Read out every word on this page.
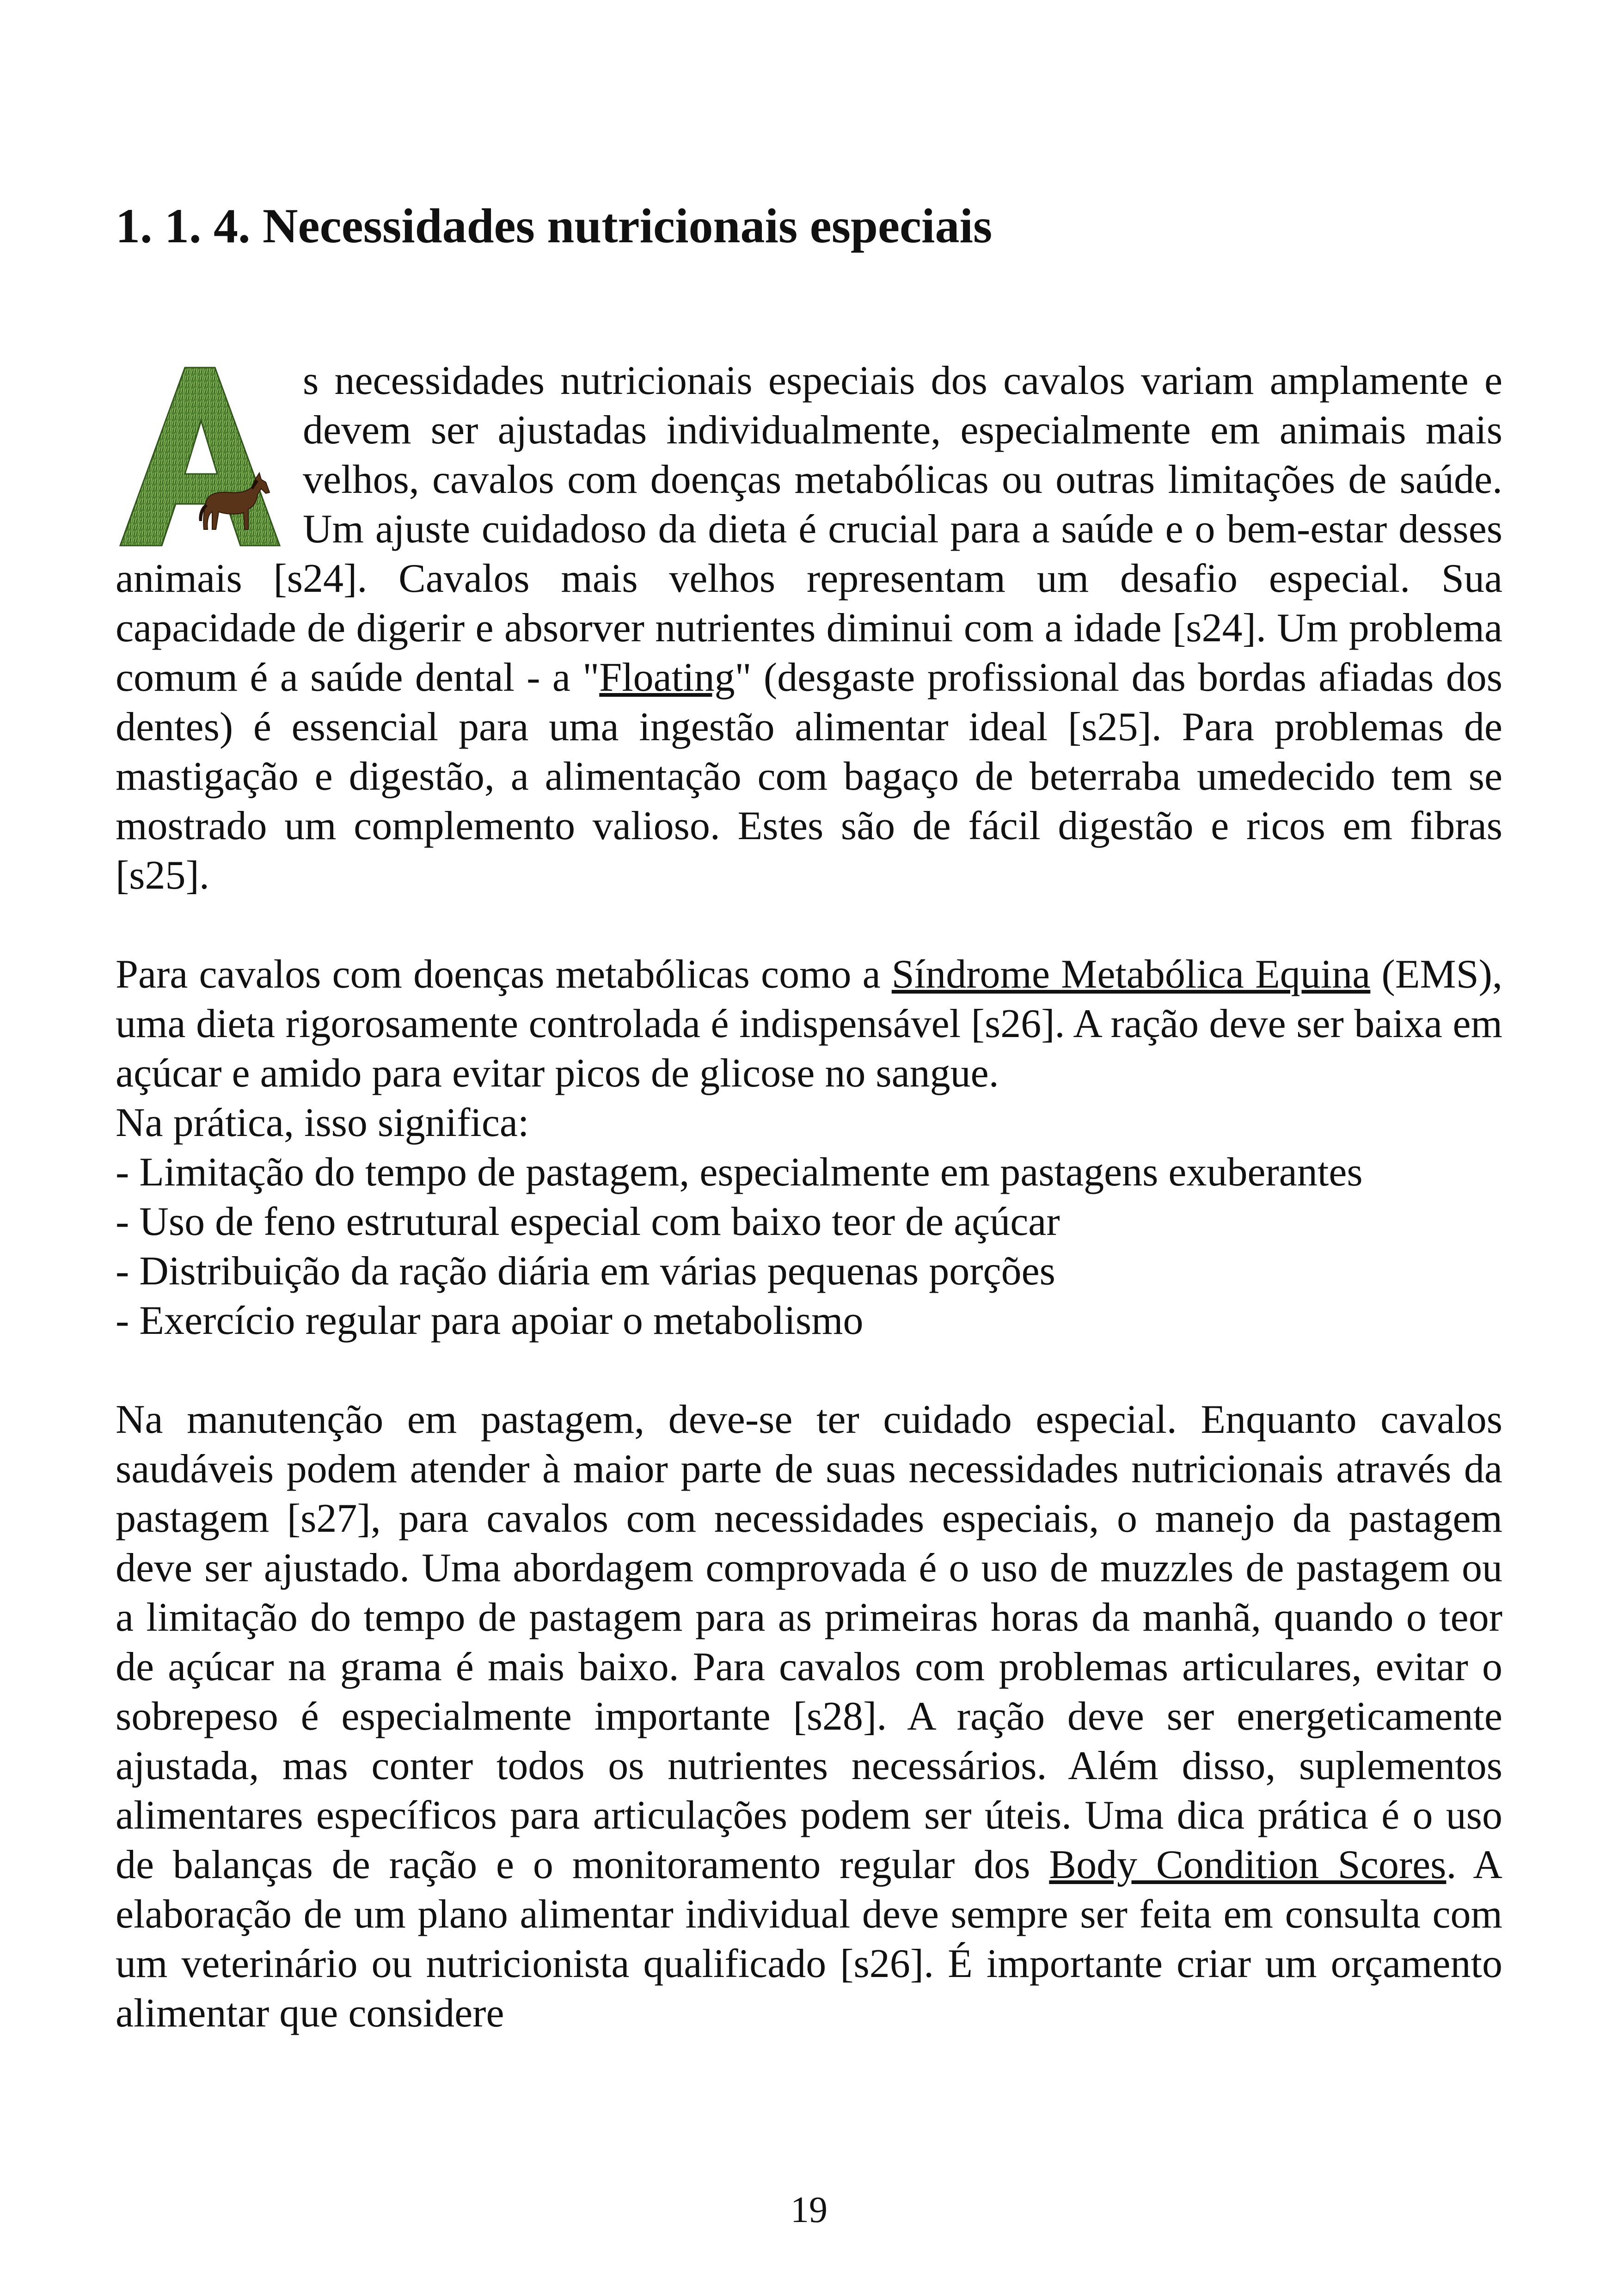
1. 1. 4. Necessidades nutricionais especiais

s necessidades nutricionais especiais dos cavalos variam amplamente e devem ser ajustadas individualmente, especialmente em animais mais velhos, cavalos com doenças metabólicas ou outras limitações de saúde. Um ajuste cuidadoso da dieta é crucial para a saúde e o bem-estar desses animais [s24]. Cavalos mais velhos representam um desafio especial. Sua capacidade de digerir e absorver nutrientes diminui com a idade [s24]. Um problema comum é a saúde dental - a "Floating" (desgaste profissional das bordas afiadas dos dentes) é essencial para uma ingestão alimentar ideal [s25]. Para problemas de mastigação e digestão, a alimentação com bagaço de beterraba umedecido tem se mostrado um complemento valioso. Estes são de fácil digestão e ricos em fibras [s25].

Para cavalos com doenças metabólicas como a Síndrome Metabólica Equina (EMS), uma dieta rigorosamente controlada é indispensável [s26]. A ração deve ser baixa em açúcar e amido para evitar picos de glicose no sangue.

Na prática, isso significa:
- Limitação do tempo de pastagem, especialmente em pastagens exuberantes
- Uso de feno estrutural especial com baixo teor de açúcar
- Distribuição da ração diária em várias pequenas porções
- Exercício regular para apoiar o metabolismo

Na manutenção em pastagem, deve-se ter cuidado especial. Enquanto cavalos saudáveis podem atender à maior parte de suas necessidades nutricionais através da pastagem [s27], para cavalos com necessidades especiais, o manejo da pastagem deve ser ajustado. Uma abordagem comprovada é o uso de muzzles de pastagem ou a limitação do tempo de pastagem para as primeiras horas da manhã, quando o teor de açúcar na grama é mais baixo. Para cavalos com problemas articulares, evitar o sobrepeso é especialmente importante [s28]. A ração deve ser energeticamente ajustada, mas conter todos os nutrientes necessários. Além disso, suplementos alimentares específicos para articulações podem ser úteis. Uma dica prática é o uso de balanças de ração e o monitoramento regular dos Body Condition Scores. A elaboração de um plano alimentar individual deve sempre ser feita em consulta com um veterinário ou nutricionista qualificado [s26]. É importante criar um orçamento alimentar que considere

19
